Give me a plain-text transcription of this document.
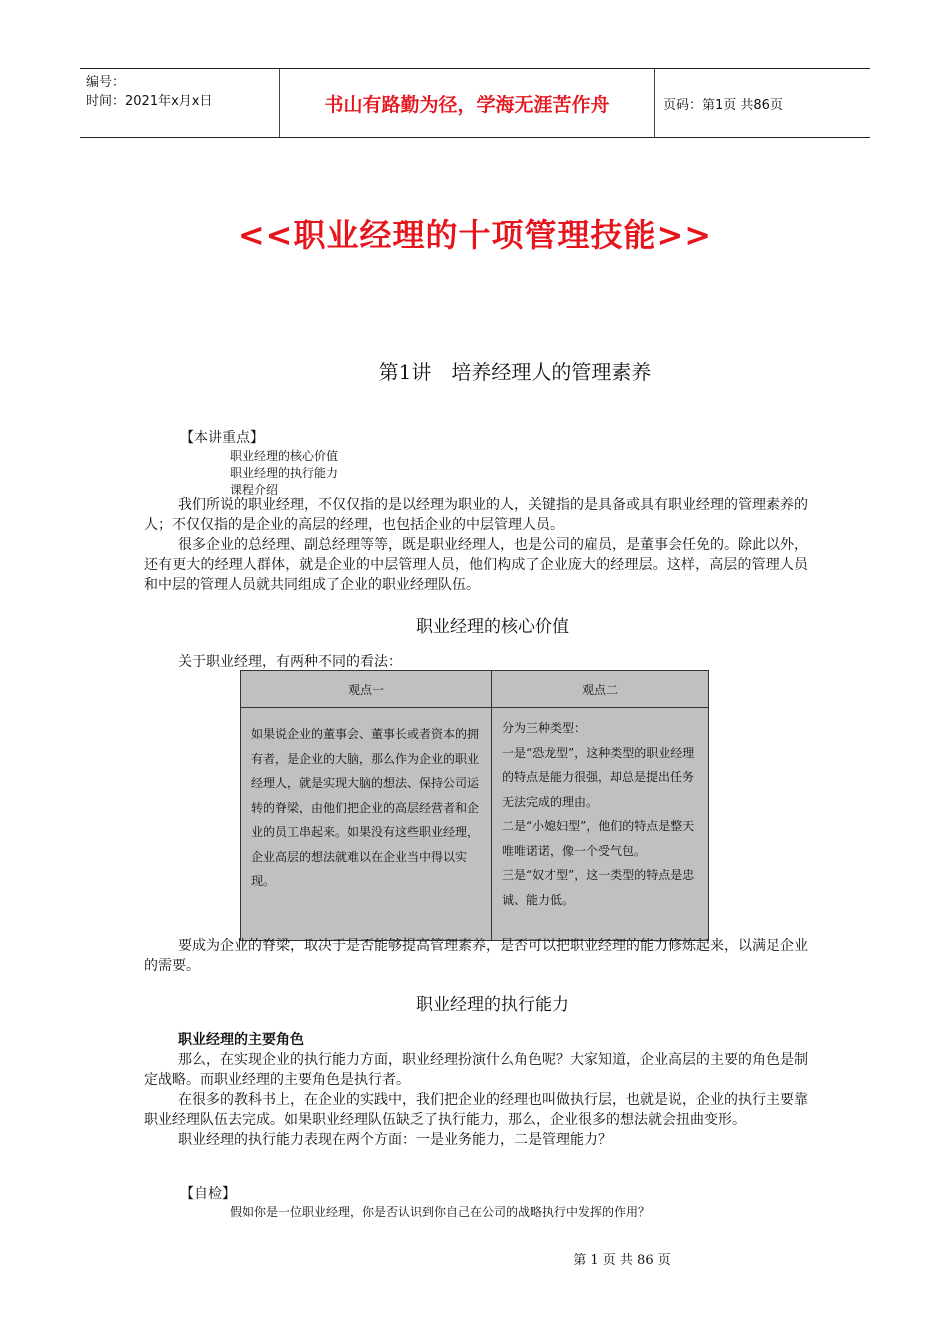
编号：
时间：2021年x月x日	书山有路勤为径，学海无涯苦作舟	页码：第1页 共86页
<<职业经理的十项管理技能>>
第1讲　培养经理人的管理素养
【本讲重点】
职业经理的核心价值
职业经理的执行能力
课程介绍

我们所说的职业经理，不仅仅指的是以经理为职业的人，关键指的是具备或具有职业经理的管理素养的人；不仅仅指的是企业的高层的经理，也包括企业的中层管理人员。

很多企业的总经理、副总经理等等，既是职业经理人，也是公司的雇员，是董事会任免的。除此以外，还有更大的经理人群体，就是企业的中层管理人员，他们构成了企业庞大的经理层。这样，高层的管理人员和中层的管理人员就共同组成了企业的职业经理队伍。

职业经理的核心价值
关于职业经理，有两种不同的看法：
观点一	观点二
如果说企业的董事会、董事长或者资本的拥有者，是企业的大脑，那么作为企业的职业经理人，就是实现大脑的想法、保持公司运转的脊梁，由他们把企业的高层经营者和企业的员工串起来。如果没有这些职业经理，企业高层的想法就难以在企业当中得以实现。	分为三种类型：
一是“恐龙型”，这种类型的职业经理的特点是能力很强，却总是提出任务无法完成的理由。
二是“小媳妇型”，他们的特点是整天唯唯诺诺，像一个受气包。
三是“奴才型”，这一类型的特点是忠诚、能力低。

要成为企业的脊梁，取决于是否能够提高管理素养，是否可以把职业经理的能力修炼起来，以满足企业的需要。

职业经理的执行能力
职业经理的主要角色

那么，在实现企业的执行能力方面，职业经理扮演什么角色呢？大家知道，企业高层的主要的角色是制定战略。而职业经理的主要角色是执行者。

在很多的教科书上，在企业的实践中，我们把企业的经理也叫做执行层，也就是说，企业的执行主要靠职业经理队伍去完成。如果职业经理队伍缺乏了执行能力，那么，企业很多的想法就会扭曲变形。

职业经理的执行能力表现在两个方面：一是业务能力，二是管理能力？

【自检】
假如你是一位职业经理，你是否认识到你自己在公司的战略执行中发挥的作用？
第 1 页 共 86 页
